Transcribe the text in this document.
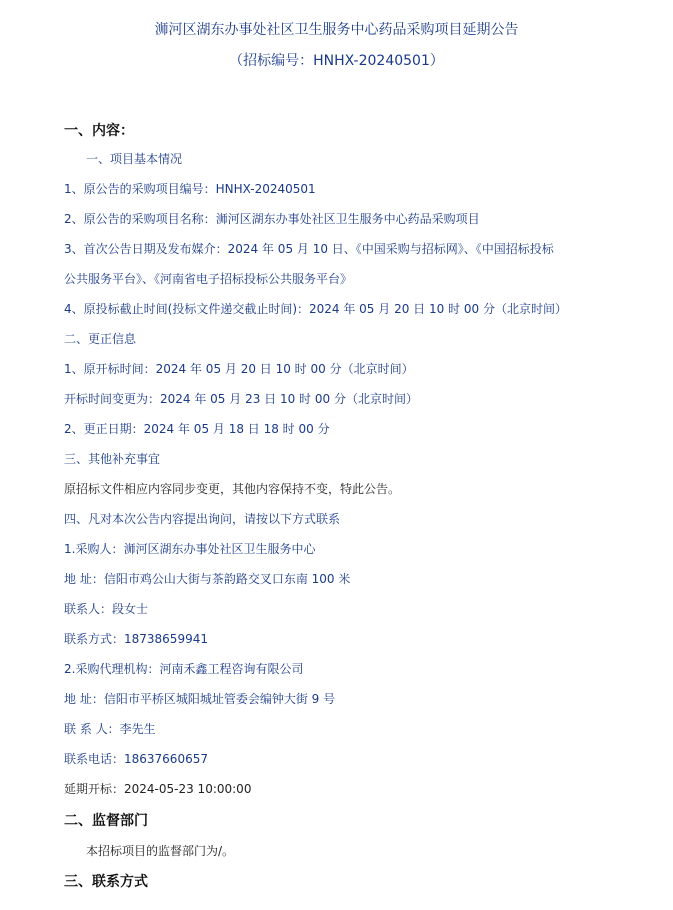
浉河区湖东办事处社区卫生服务中心药品采购项目延期公告
（招标编号：HNHX-20240501）
一、内容：
一、项目基本情况
1、原公告的采购项目编号：HNHX-20240501
2、原公告的采购项目名称：浉河区湖东办事处社区卫生服务中心药品采购项目
3、首次公告日期及发布媒介：2024 年 05 月 10 日、《中国采购与招标网》、《中国招标投标
公共服务平台》、《河南省电子招标投标公共服务平台》
4、原投标截止时间(投标文件递交截止时间)：2024 年 05 月 20 日 10 时 00 分（北京时间）
二、更正信息
1、原开标时间：2024 年 05 月 20 日 10 时 00 分（北京时间）
开标时间变更为：2024 年 05 月 23 日 10 时 00 分（北京时间）
2、更正日期：2024 年 05 月 18 日 18 时 00 分
三、其他补充事宜
原招标文件相应内容同步变更，其他内容保持不变，特此公告。
四、凡对本次公告内容提出询问，请按以下方式联系
1.采购人：浉河区湖东办事处社区卫生服务中心
地 址：信阳市鸡公山大街与茶韵路交叉口东南 100 米
联系人：段女士
联系方式：18738659941
2.采购代理机构：河南禾鑫工程咨询有限公司
地 址：信阳市平桥区城阳城址管委会编钟大街 9 号
联 系 人：李先生
联系电话：18637660657
延期开标：2024-05-23 10:00:00
二、监督部门
本招标项目的监督部门为/。
三、联系方式
